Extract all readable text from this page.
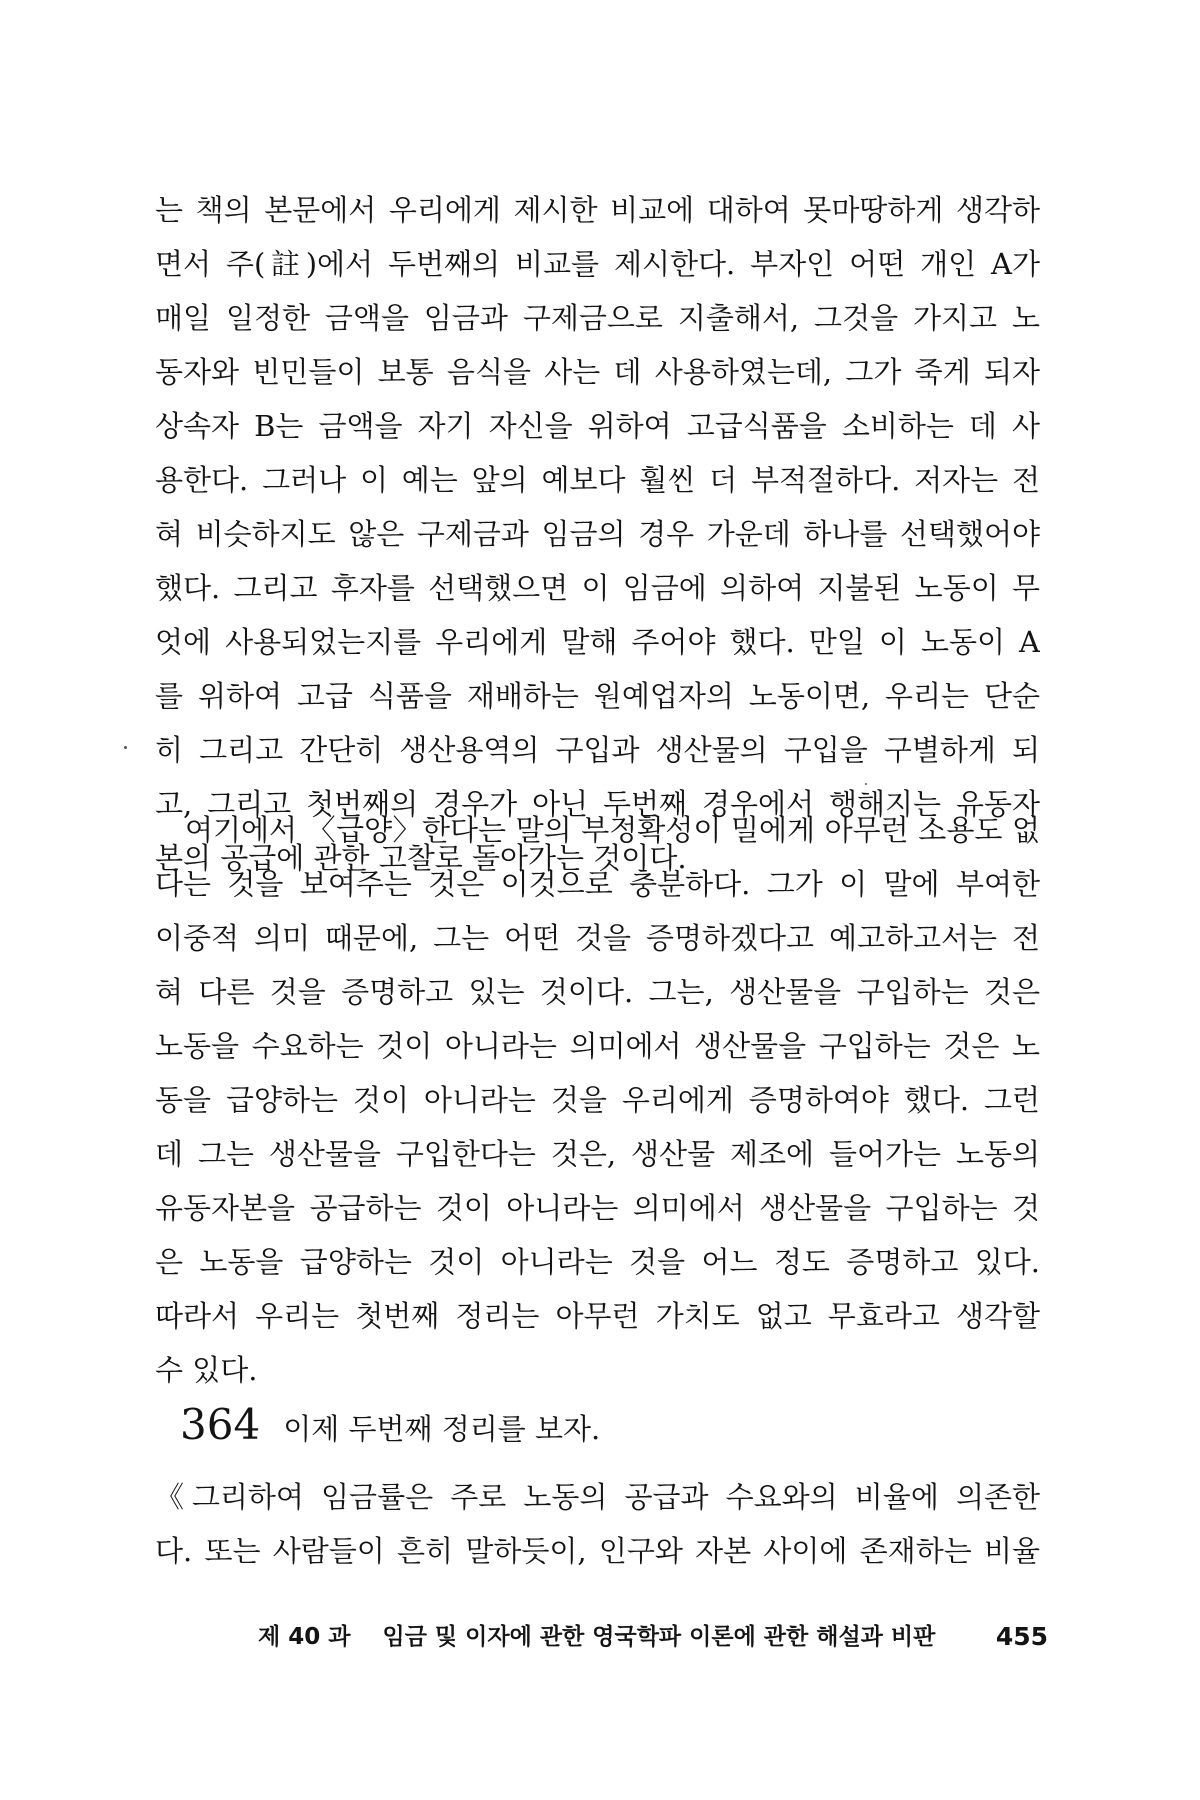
는 책의 본문에서 우리에게 제시한 비교에 대하여 못마땅하게 생각하
면서 주(註)에서 두번째의 비교를 제시한다. 부자인 어떤 개인 A가
매일 일정한 금액을 임금과 구제금으로 지출해서, 그것을 가지고 노
동자와 빈민들이 보통 음식을 사는 데 사용하였는데, 그가 죽게 되자
상속자 B는 금액을 자기 자신을 위하여 고급식품을 소비하는 데 사
용한다. 그러나 이 예는 앞의 예보다 훨씬 더 부적절하다. 저자는 전
혀 비슷하지도 않은 구제금과 임금의 경우 가운데 하나를 선택했어야
했다. 그리고 후자를 선택했으면 이 임금에 의하여 지불된 노동이 무
엇에 사용되었는지를 우리에게 말해 주어야 했다. 만일 이 노동이 A
를 위하여 고급 식품을 재배하는 원예업자의 노동이면, 우리는 단순
히 그리고 간단히 생산용역의 구입과 생산물의 구입을 구별하게 되
고, 그리고 첫번째의 경우가 아닌 두번째 경우에서 행해지는 유동자
본의 공급에 관한 고찰로 돌아가는 것이다.
여기에서 〈급양〉한다는 말의 부정확성이 밀에게 아무런 소용도 없
다는 것을 보여주는 것은 이것으로 충분하다. 그가 이 말에 부여한
이중적 의미 때문에, 그는 어떤 것을 증명하겠다고 예고하고서는 전
혀 다른 것을 증명하고 있는 것이다. 그는, 생산물을 구입하는 것은
노동을 수요하는 것이 아니라는 의미에서 생산물을 구입하는 것은 노
동을 급양하는 것이 아니라는 것을 우리에게 증명하여야 했다. 그런
데 그는 생산물을 구입한다는 것은, 생산물 제조에 들어가는 노동의
유동자본을 공급하는 것이 아니라는 의미에서 생산물을 구입하는 것
은 노동을 급양하는 것이 아니라는 것을 어느 정도 증명하고 있다.
따라서 우리는 첫번째 정리는 아무런 가치도 없고 무효라고 생각할
수 있다.
364 이제 두번째 정리를 보자.
《그리하여 임금률은 주로 노동의 공급과 수요와의 비율에 의존한
다. 또는 사람들이 흔히 말하듯이, 인구와 자본 사이에 존재하는 비율
제 40 과 임금 및 이자에 관한 영국학파 이론에 관한 해설과 비판 455
